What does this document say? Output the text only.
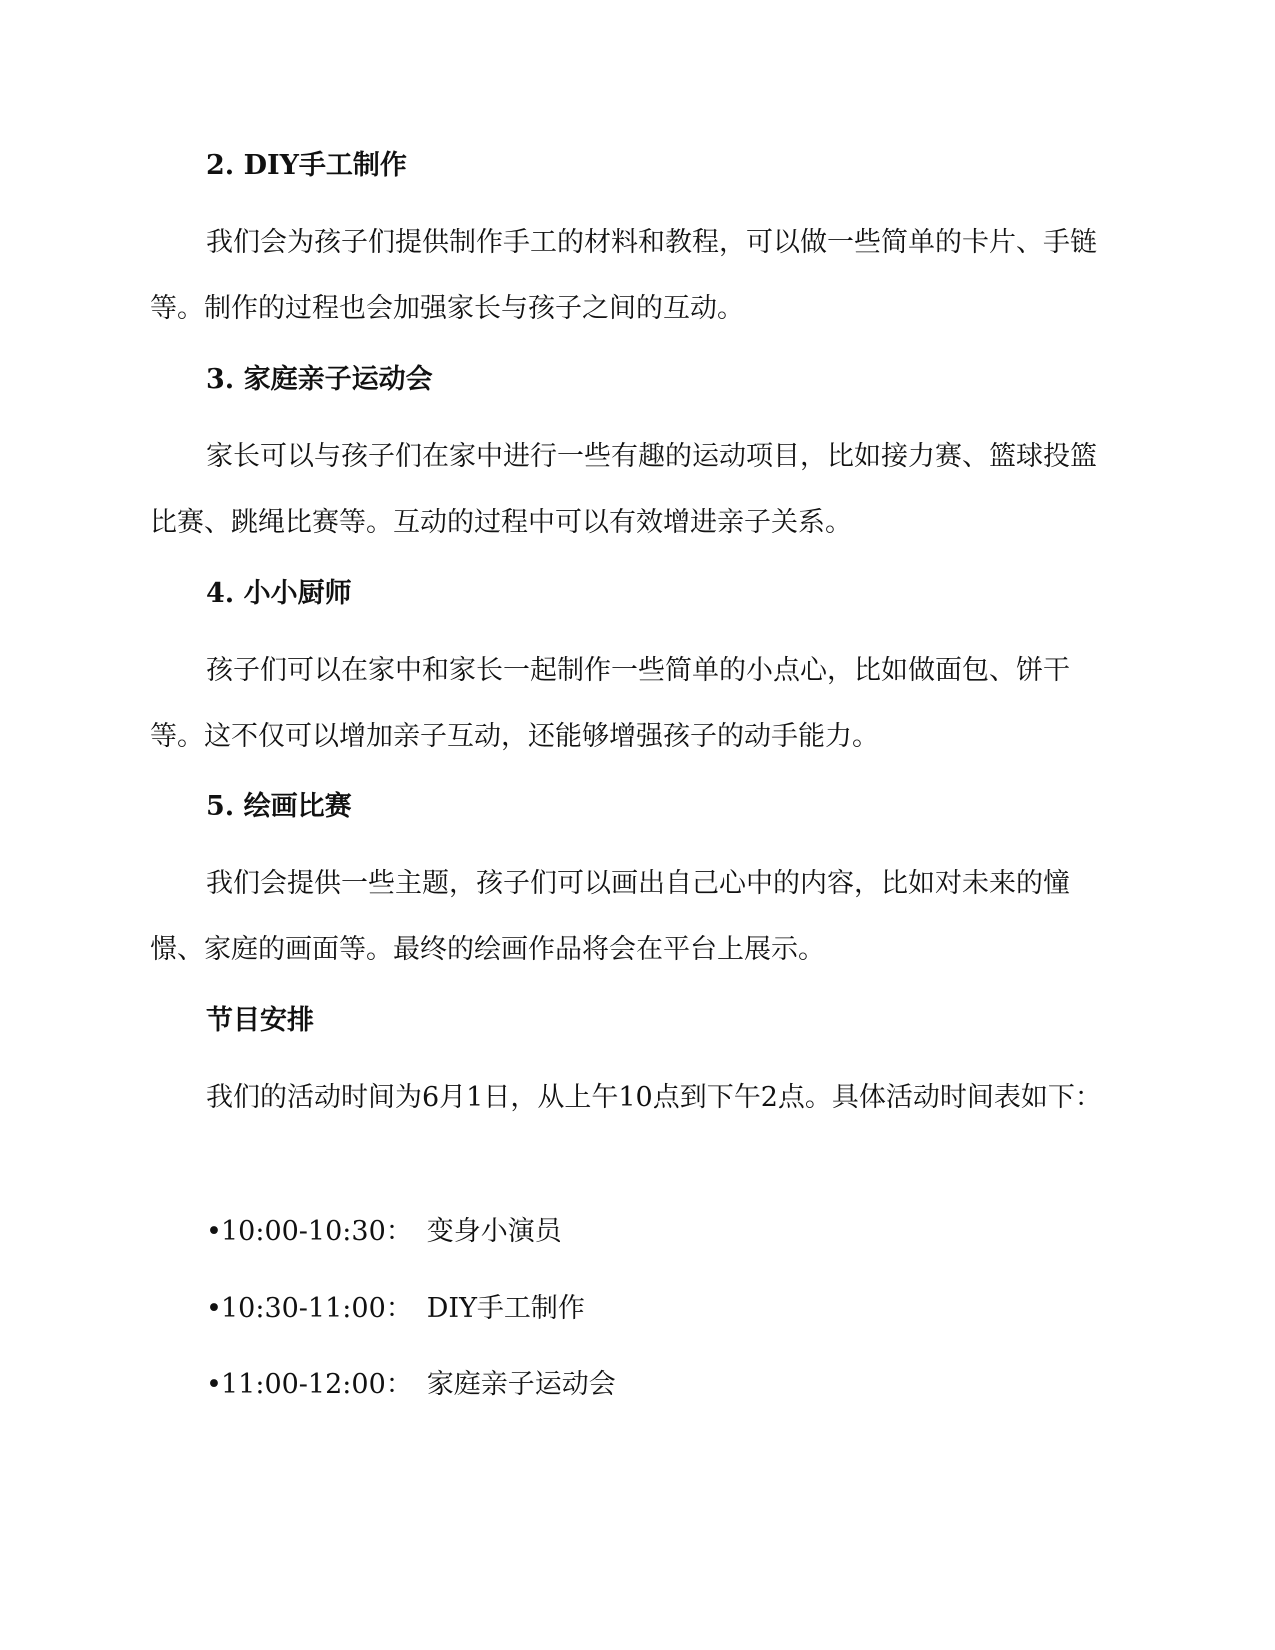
2. DIY手工制作

我们会为孩子们提供制作手工的材料和教程，可以做一些简单的卡片、手链等。制作的过程也会加强家长与孩子之间的互动。

3. 家庭亲子运动会

家长可以与孩子们在家中进行一些有趣的运动项目，比如接力赛、篮球投篮比赛、跳绳比赛等。互动的过程中可以有效增进亲子关系。

4. 小小厨师

孩子们可以在家中和家长一起制作一些简单的小点心，比如做面包、饼干等。这不仅可以增加亲子互动，还能够增强孩子的动手能力。

5. 绘画比赛

我们会提供一些主题，孩子们可以画出自己心中的内容，比如对未来的憧憬、家庭的画面等。最终的绘画作品将会在平台上展示。

节目安排

我们的活动时间为6月1日，从上午10点到下午2点。具体活动时间表如下：

•10:00-10:30： 变身小演员
•10:30-11:00： DIY手工制作
•11:00-12:00： 家庭亲子运动会
